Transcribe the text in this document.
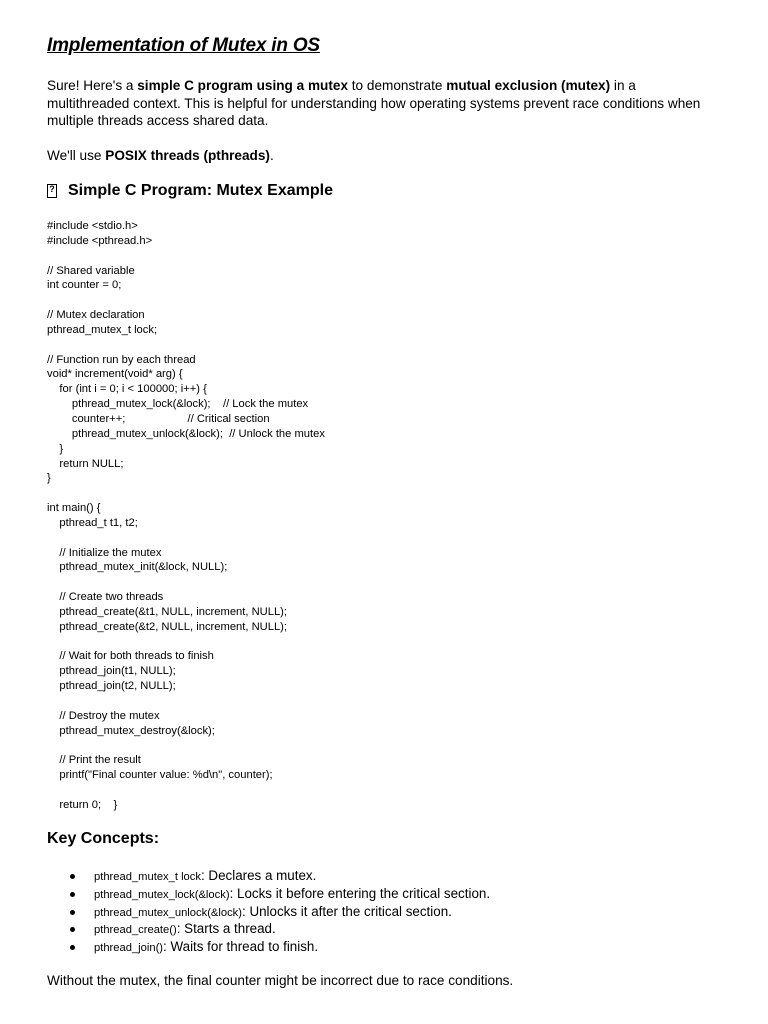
Implementation of Mutex in OS

Sure! Here's a simple C program using a mutex to demonstrate mutual exclusion (mutex) in a multithreaded context. This is helpful for understanding how operating systems prevent race conditions when multiple threads access shared data.

We'll use POSIX threads (pthreads).

?
Simple C Program: Mutex Example
#include <stdio.h>
#include <pthread.h>
// Shared variable
int counter = 0;
// Mutex declaration
pthread_mutex_t lock;
// Function run by each thread
void* increment(void* arg) {
for (int i = 0; i < 100000; i++) {
pthread_mutex_lock(&lock);    // Lock the mutex
counter++;                    // Critical section
pthread_mutex_unlock(&lock);  // Unlock the mutex
}
return NULL;
}
int main() {
pthread_t t1, t2;
// Initialize the mutex
pthread_mutex_init(&lock, NULL);
// Create two threads
pthread_create(&t1, NULL, increment, NULL);
pthread_create(&t2, NULL, increment, NULL);
// Wait for both threads to finish
pthread_join(t1, NULL);
pthread_join(t2, NULL);
// Destroy the mutex
pthread_mutex_destroy(&lock);
// Print the result
printf("Final counter value: %d\n", counter);
return 0;    }
Key Concepts:
pthread_mutex_t lock: Declares a mutex.
pthread_mutex_lock(&lock): Locks it before entering the critical section.
pthread_mutex_unlock(&lock): Unlocks it after the critical section.
pthread_create(): Starts a thread.
pthread_join(): Waits for thread to finish.
Without the mutex, the final counter might be incorrect due to race conditions.
